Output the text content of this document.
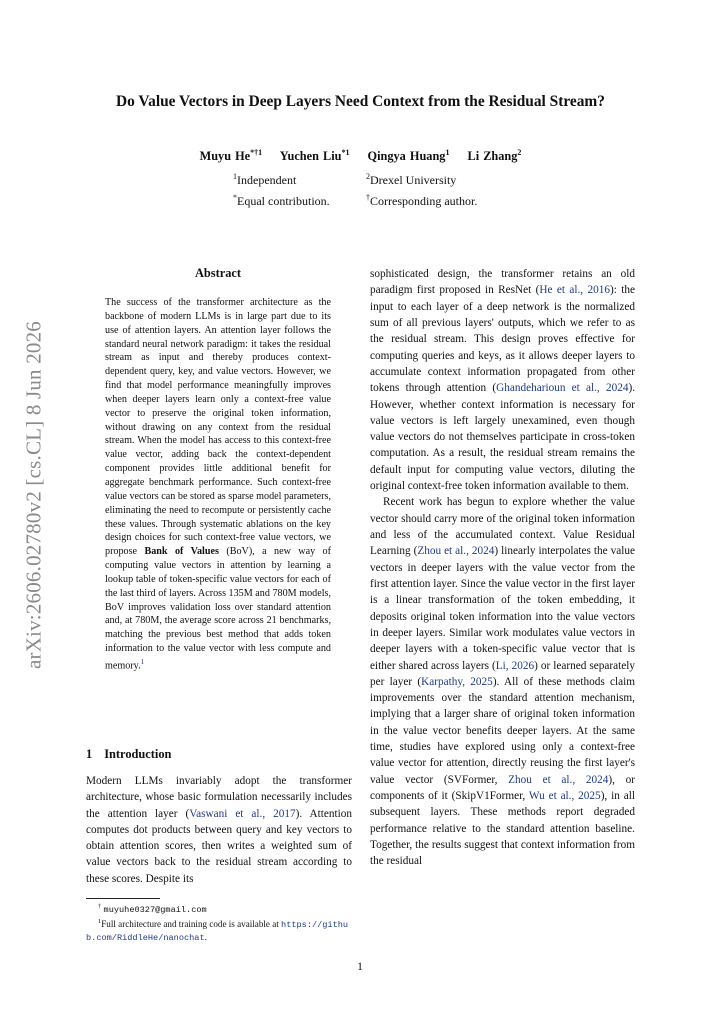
arXiv:2606.02780v2 [cs.CL] 8 Jun 2026
Do Value Vectors in Deep Layers Need Context from the Residual Stream?
Muyu He$^{*\dagger 1}$ Yuchen Liu$^{*1}$ Qingya Huang$^1$ Li Zhang$^2$
$^1$Independent
*Equal contribution.
$^2$Drexel University
†Corresponding author.
Abstract
The success of the transformer architecture as the backbone of modern LLMs is in large part due to its use of attention layers. An attention layer follows the standard neural network paradigm: it takes the residual stream as input and thereby produces context-dependent query, key, and value vectors. However, we find that model performance meaningfully improves when deeper layers learn only a context-free value vector to preserve the original token information, without drawing on any context from the residual stream. When the model has access to this context-free value vector, adding back the context-dependent component provides little additional benefit for aggregate benchmark performance. Such context-free value vectors can be stored as sparse model parameters, eliminating the need to recompute or persistently cache these values. Through systematic ablations on the key design choices for such context-free value vectors, we propose Bank of Values (BoV), a new way of computing value vectors in attention by learning a lookup table of token-specific value vectors for each of the last third of layers. Across 135M and 780M models, BoV improves validation loss over standard attention and, at 780M, the average score across 21 benchmarks, matching the previous best method that adds token information to the value vector with less compute and memory.$^1$
1 Introduction
Modern LLMs invariably adopt the transformer architecture, whose basic formulation necessarily includes the attention layer (Vaswani et al., 2017). Attention computes dot products between query and key vectors to obtain attention scores, then writes a weighted sum of value vectors back to the residual stream according to these scores. Despite its
† muyuhe0327@gmail.com
$^1$Full architecture and training code is available at https://github.com/RiddleHe/nanochat.

sophisticated design, the transformer retains an old paradigm first proposed in ResNet (He et al., 2016): the input to each layer of a deep network is the normalized sum of all previous layers' outputs, which we refer to as the residual stream. This design proves effective for computing queries and keys, as it allows deeper layers to accumulate context information propagated from other tokens through attention (Ghandeharioun et al., 2024). However, whether context information is necessary for value vectors is left largely unexamined, even though value vectors do not themselves participate in cross-token computation. As a result, the residual stream remains the default input for computing value vectors, diluting the original context-free token information available to them.

Recent work has begun to explore whether the value vector should carry more of the original token information and less of the accumulated context. Value Residual Learning (Zhou et al., 2024) linearly interpolates the value vectors in deeper layers with the value vector from the first attention layer. Since the value vector in the first layer is a linear transformation of the token embedding, it deposits original token information into the value vectors in deeper layers. Similar work modulates value vectors in deeper layers with a token-specific value vector that is either shared across layers (Li, 2026) or learned separately per layer (Karpathy, 2025). All of these methods claim improvements over the standard attention mechanism, implying that a larger share of original token information in the value vector benefits deeper layers. At the same time, studies have explored using only a context-free value vector for attention, directly reusing the first layer's value vector (SVFormer, Zhou et al., 2024), or components of it (SkipV1Former, Wu et al., 2025), in all subsequent layers. These methods report degraded performance relative to the standard attention baseline. Together, the results suggest that context information from the residual

1
